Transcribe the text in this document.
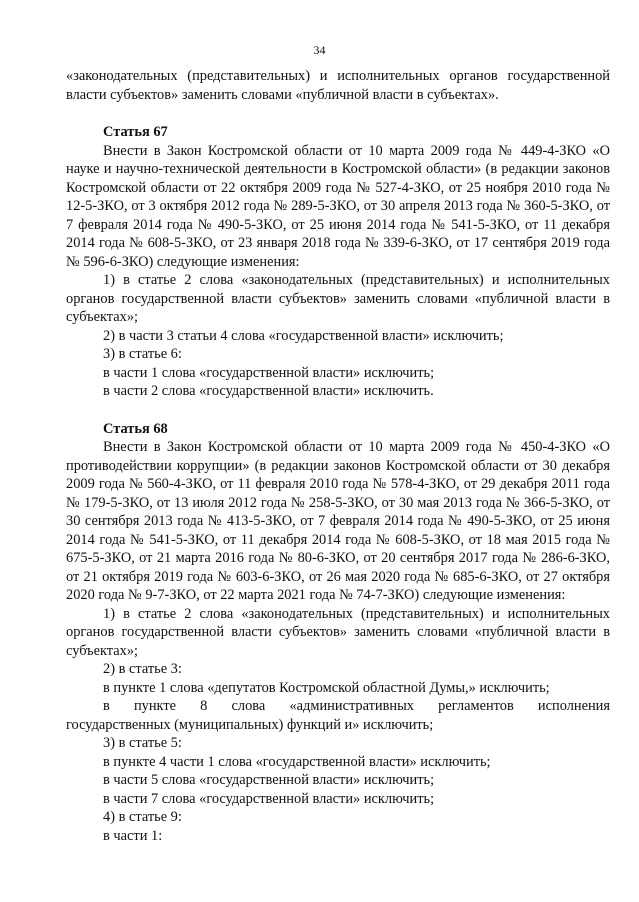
34

«законодательных (представительных) и исполнительных органов государственной власти субъектов» заменить словами «публичной власти в субъектах».

Статья 67

Внести в Закон Костромской области от 10 марта 2009 года № 449-4-ЗКО «О науке и научно-технической деятельности в Костромской области» (в редакции законов Костромской области от 22 октября 2009 года № 527-4-ЗКО, от 25 ноября 2010 года № 12-5-ЗКО, от 3 октября 2012 года № 289-5-ЗКО, от 30 апреля 2013 года № 360-5-ЗКО, от 7 февраля 2014 года № 490-5-ЗКО, от 25 июня 2014 года № 541-5-ЗКО, от 11 декабря 2014 года № 608-5-ЗКО, от 23 января 2018 года № 339-6-ЗКО, от 17 сентября 2019 года № 596-6-ЗКО) следующие изменения:

1) в статье 2 слова «законодательных (представительных) и исполнительных органов государственной власти субъектов» заменить словами «публичной власти в субъектах»;

2) в части 3 статьи 4 слова «государственной власти» исключить;

3) в статье 6:

в части 1 слова «государственной власти» исключить;

в части 2 слова «государственной власти» исключить.

Статья 68

Внести в Закон Костромской области от 10 марта 2009 года № 450-4-ЗКО «О противодействии коррупции» (в редакции законов Костромской области от 30 декабря 2009 года № 560-4-ЗКО, от 11 февраля 2010 года № 578-4-ЗКО, от 29 декабря 2011 года № 179-5-ЗКО, от 13 июля 2012 года № 258-5-ЗКО, от 30 мая 2013 года № 366-5-ЗКО, от 30 сентября 2013 года № 413-5-ЗКО, от 7 февраля 2014 года № 490-5-ЗКО, от 25 июня 2014 года № 541-5-ЗКО, от 11 декабря 2014 года № 608-5-ЗКО, от 18 мая 2015 года № 675-5-ЗКО, от 21 марта 2016 года № 80-6-ЗКО, от 20 сентября 2017 года № 286-6-ЗКО, от 21 октября 2019 года № 603-6-ЗКО, от 26 мая 2020 года № 685-6-ЗКО, от 27 октября 2020 года № 9-7-ЗКО, от 22 марта 2021 года № 74-7-ЗКО) следующие изменения:

1) в статье 2 слова «законодательных (представительных) и исполнительных органов государственной власти субъектов» заменить словами «публичной власти в субъектах»;

2) в статье 3:

в пункте 1 слова «депутатов Костромской областной Думы,» исключить;

в пункте 8 слова «административных регламентов исполнения

государственных (муниципальных) функций и» исключить;

3) в статье 5:

в пункте 4 части 1 слова «государственной власти» исключить;

в части 5 слова «государственной власти» исключить;

в части 7 слова «государственной власти» исключить;

4) в статье 9:

в части 1:
